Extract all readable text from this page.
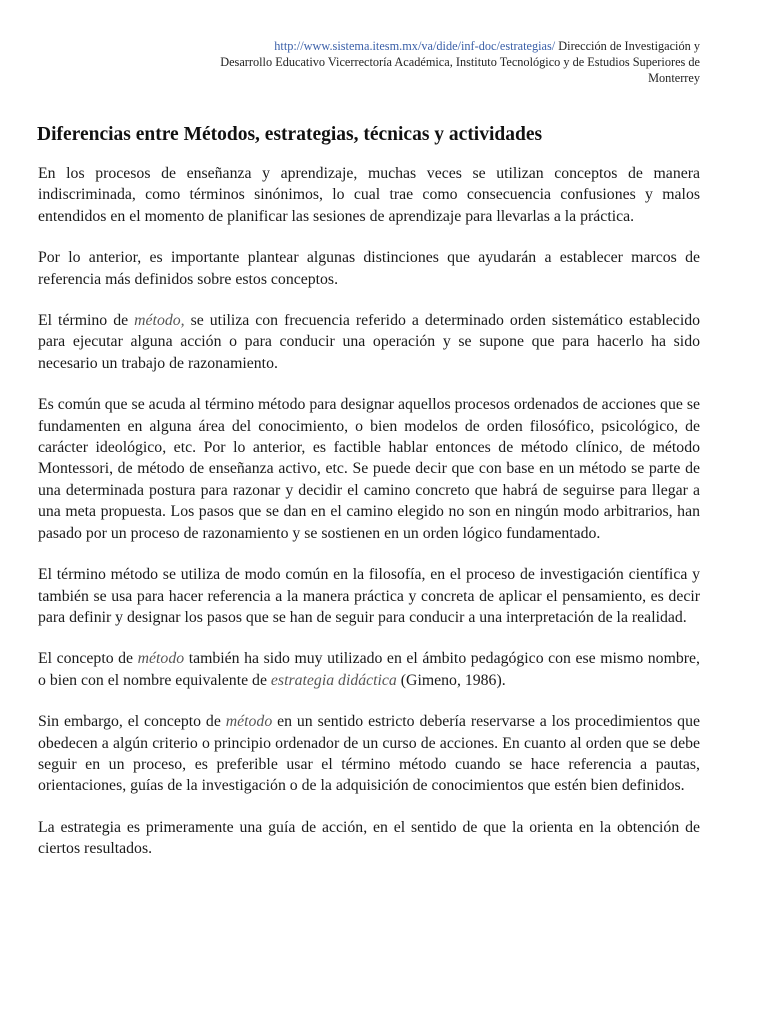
http://www.sistema.itesm.mx/va/dide/inf-doc/estrategias/ Dirección de Investigación y Desarrollo Educativo Vicerrectoría Académica, Instituto Tecnológico y de Estudios Superiores de Monterrey
Diferencias entre Métodos, estrategias, técnicas y actividades

En los procesos de enseñanza y aprendizaje, muchas veces se utilizan conceptos de manera indiscriminada, como términos sinónimos, lo cual trae como consecuencia confusiones y malos entendidos en el momento de planificar las sesiones de aprendizaje para llevarlas a la práctica.

Por lo anterior, es importante plantear algunas distinciones que ayudarán a establecer marcos de referencia más definidos sobre estos conceptos.

El término de método, se utiliza con frecuencia referido a determinado orden sistemático establecido para ejecutar alguna acción o para conducir una operación y se supone que para hacerlo ha sido necesario un trabajo de razonamiento.

Es común que se acuda al término método para designar aquellos procesos ordenados de acciones que se fundamenten en alguna área del conocimiento, o bien modelos de orden filosófico, psicológico, de carácter ideológico, etc. Por lo anterior, es factible hablar entonces de método clínico, de método Montessori, de método de enseñanza activo, etc. Se puede decir que con base en un método se parte de una determinada postura para razonar y decidir el camino concreto que habrá de seguirse para llegar a una meta propuesta. Los pasos que se dan en el camino elegido no son en ningún modo arbitrarios, han pasado por un proceso de razonamiento y se sostienen en un orden lógico fundamentado.

El término método se utiliza de modo común en la filosofía, en el proceso de investigación científica y también se usa para hacer referencia a la manera práctica y concreta de aplicar el pensamiento, es decir para definir y designar los pasos que se han de seguir para conducir a una interpretación de la realidad.

El concepto de método también ha sido muy utilizado en el ámbito pedagógico con ese mismo nombre, o bien con el nombre equivalente de estrategia didáctica (Gimeno, 1986).

Sin embargo, el concepto de método en un sentido estricto debería reservarse a los procedimientos que obedecen a algún criterio o principio ordenador de un curso de acciones. En cuanto al orden que se debe seguir en un proceso, es preferible usar el término método cuando se hace referencia a pautas, orientaciones, guías de la investigación o de la adquisición de conocimientos que estén bien definidos.

La estrategia es primeramente una guía de acción, en el sentido de que la orienta en la obtención de ciertos resultados.
